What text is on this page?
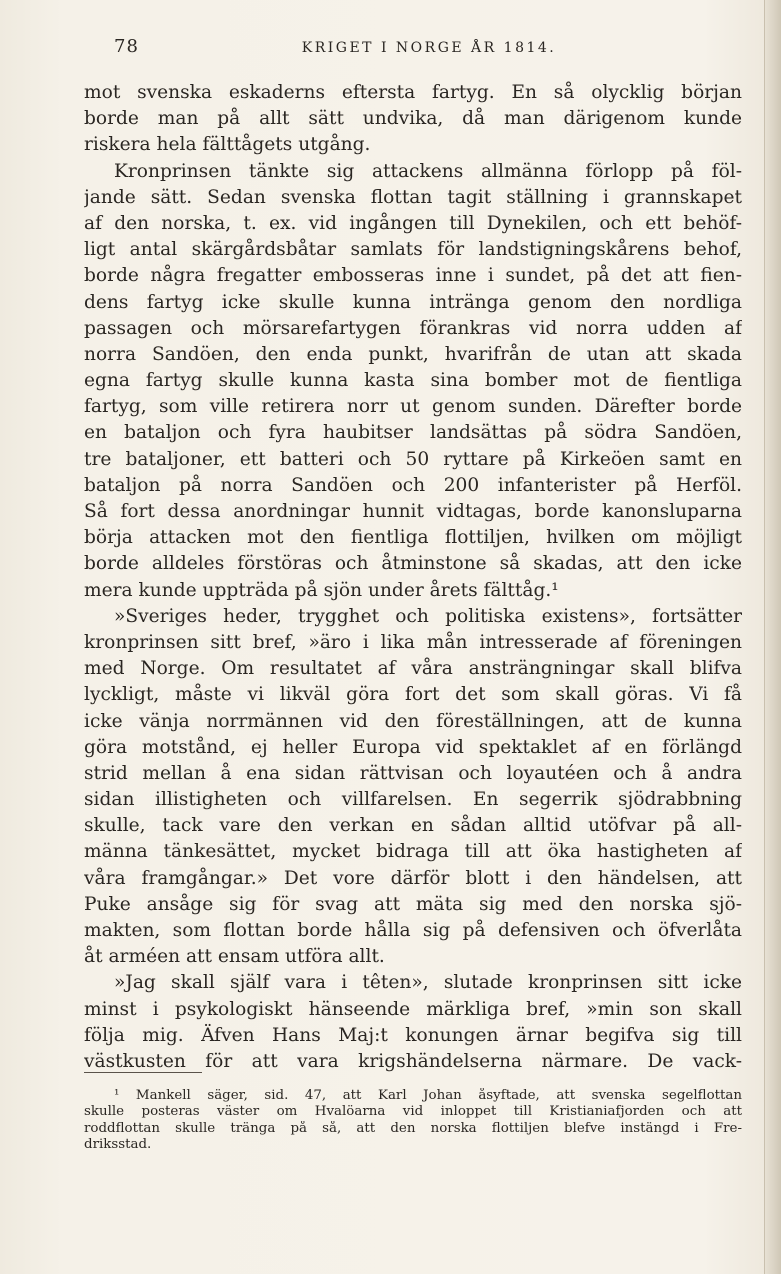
78	KRIGET I NORGE ÅR 1814.
mot svenska eskaderns eftersta fartyg. En så olycklig början
borde man på allt sätt undvika, då man därigenom kunde
riskera hela fälttågets utgång.
Kronprinsen tänkte sig attackens allmänna förlopp på föl-
jande sätt. Sedan svenska flottan tagit ställning i grannskapet
af den norska, t. ex. vid ingången till Dynekilen, och ett behöf-
ligt antal skärgårdsbåtar samlats för landstigningskårens behof,
borde några fregatter embosseras inne i sundet, på det att fien-
dens fartyg icke skulle kunna intränga genom den nordliga
passagen och mörsarefartygen förankras vid norra udden af
norra Sandöen, den enda punkt, hvarifrån de utan att skada
egna fartyg skulle kunna kasta sina bomber mot de fientliga
fartyg, som ville retirera norr ut genom sunden. Därefter borde
en bataljon och fyra haubitser landsättas på södra Sandöen,
tre bataljoner, ett batteri och 50 ryttare på Kirkeöen samt en
bataljon på norra Sandöen och 200 infanterister på Herföl.
Så fort dessa anordningar hunnit vidtagas, borde kanonsluparna
börja attacken mot den fientliga flottiljen, hvilken om möjligt
borde alldeles förstöras och åtminstone så skadas, att den icke
mera kunde uppträda på sjön under årets fälttåg.¹
»Sveriges heder, trygghet och politiska existens», fortsätter
kronprinsen sitt bref, »äro i lika mån intresserade af föreningen
med Norge. Om resultatet af våra ansträngningar skall blifva
lyckligt, måste vi likväl göra fort det som skall göras. Vi få
icke vänja norrmännen vid den föreställningen, att de kunna
göra motstånd, ej heller Europa vid spektaklet af en förlängd
strid mellan å ena sidan rättvisan och loyautéen och å andra
sidan illistigheten och villfarelsen. En segerrik sjödrabbning
skulle, tack vare den verkan en sådan alltid utöfvar på all-
männa tänkesättet, mycket bidraga till att öka hastigheten af
våra framgångar.» Det vore därför blott i den händelsen, att
Puke ansåge sig för svag att mäta sig med den norska sjö-
makten, som flottan borde hålla sig på defensiven och öfverlåta
åt arméen att ensam utföra allt.
»Jag skall själf vara i têten», slutade kronprinsen sitt icke
minst i psykologiskt hänseende märkliga bref, »min son skall
följa mig. Äfven Hans Maj:t konungen ärnar begifva sig till
västkusten för att vara krigshändelserna närmare. De vack-
¹ Mankell säger, sid. 47, att Karl Johan åsyftade, att svenska segelflottan
skulle posteras väster om Hvalöarna vid inloppet till Kristianiafjorden och att
roddflottan skulle tränga på så, att den norska flottiljen blefve instängd i Fre-
driksstad.
